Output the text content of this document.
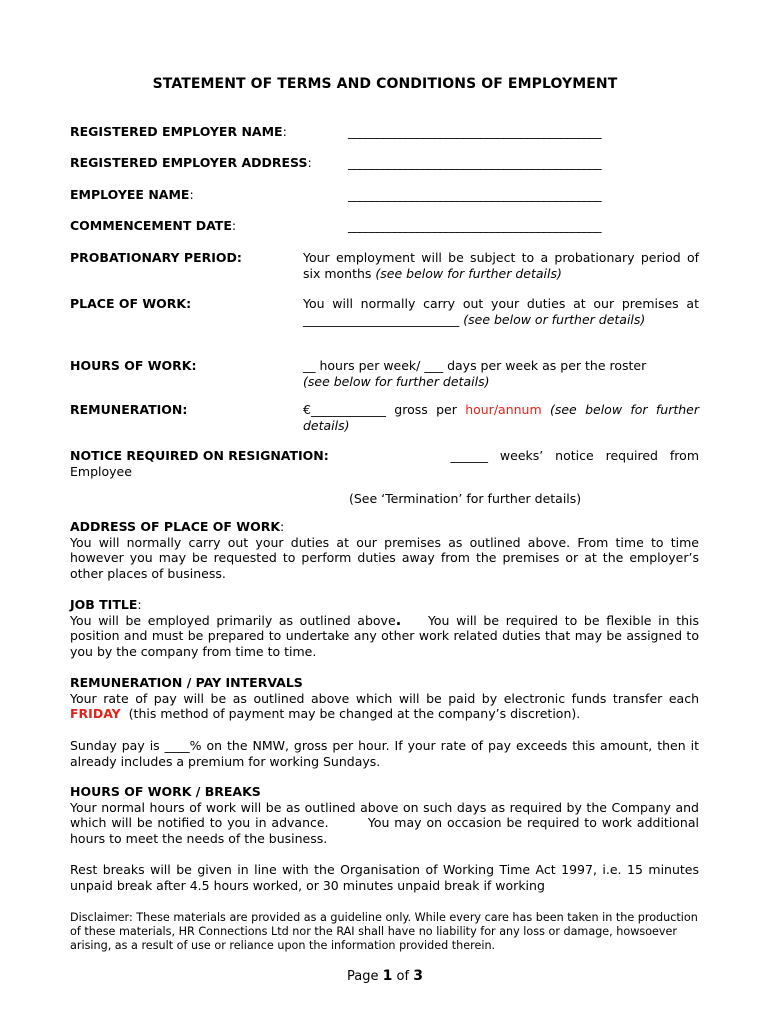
STATEMENT OF TERMS AND CONDITIONS OF EMPLOYMENT
REGISTERED EMPLOYER NAME:	____________________________________________
REGISTERED EMPLOYER ADDRESS:	____________________________________________
EMPLOYEE NAME:	____________________________________________
COMMENCEMENT DATE:	____________________________________________
PROBATIONARY PERIOD:	Your employment will be subject to a probationary period of six months (see below for further details)
PLACE OF WORK:	You will normally carry out your duties at our premises at _________________________ (see below or further details)
HOURS OF WORK:	__ hours per week/ ___ days per week as per the roster
(see below for further details)
REMUNERATION:	€____________ gross per hour/annum (see below for further details)
NOTICE REQUIRED ON RESIGNATION:	______   weeks’   notice   required   from
Employee
(See ‘Termination’ for further details)
ADDRESS OF PLACE OF WORK:
You will normally carry out your duties at our premises as outlined above. From time to time however you may be requested to perform duties away from the premises or at the employer’s other places of business.
JOB TITLE:
You will be employed primarily as outlined above.    You will be required to be flexible in this position and must be prepared to undertake any other work related duties that may be assigned to you by the company from time to time.
REMUNERATION / PAY INTERVALS
Your rate of pay will be as outlined above which will be paid by electronic funds transfer each FRIDAY  (this method of payment may be changed at the company’s discretion).
Sunday pay is ____% on the NMW, gross per hour. If your rate of pay exceeds this amount, then it already includes a premium for working Sundays.
HOURS OF WORK / BREAKS
Your normal hours of work will be as outlined above on such days as required by the Company and which will be notified to you in advance.        You may on occasion be required to work additional hours to meet the needs of the business.
Rest breaks will be given in line with the Organisation of Working Time Act 1997, i.e. 15 minutes unpaid break after 4.5 hours worked, or 30 minutes unpaid break if working
Disclaimer: These materials are provided as a guideline only. While every care has been taken in the production of these materials, HR Connections Ltd nor the RAI shall have no liability for any loss or damage, howsoever arising, as a result of use or reliance upon the information provided therein.
Page 1 of 3
